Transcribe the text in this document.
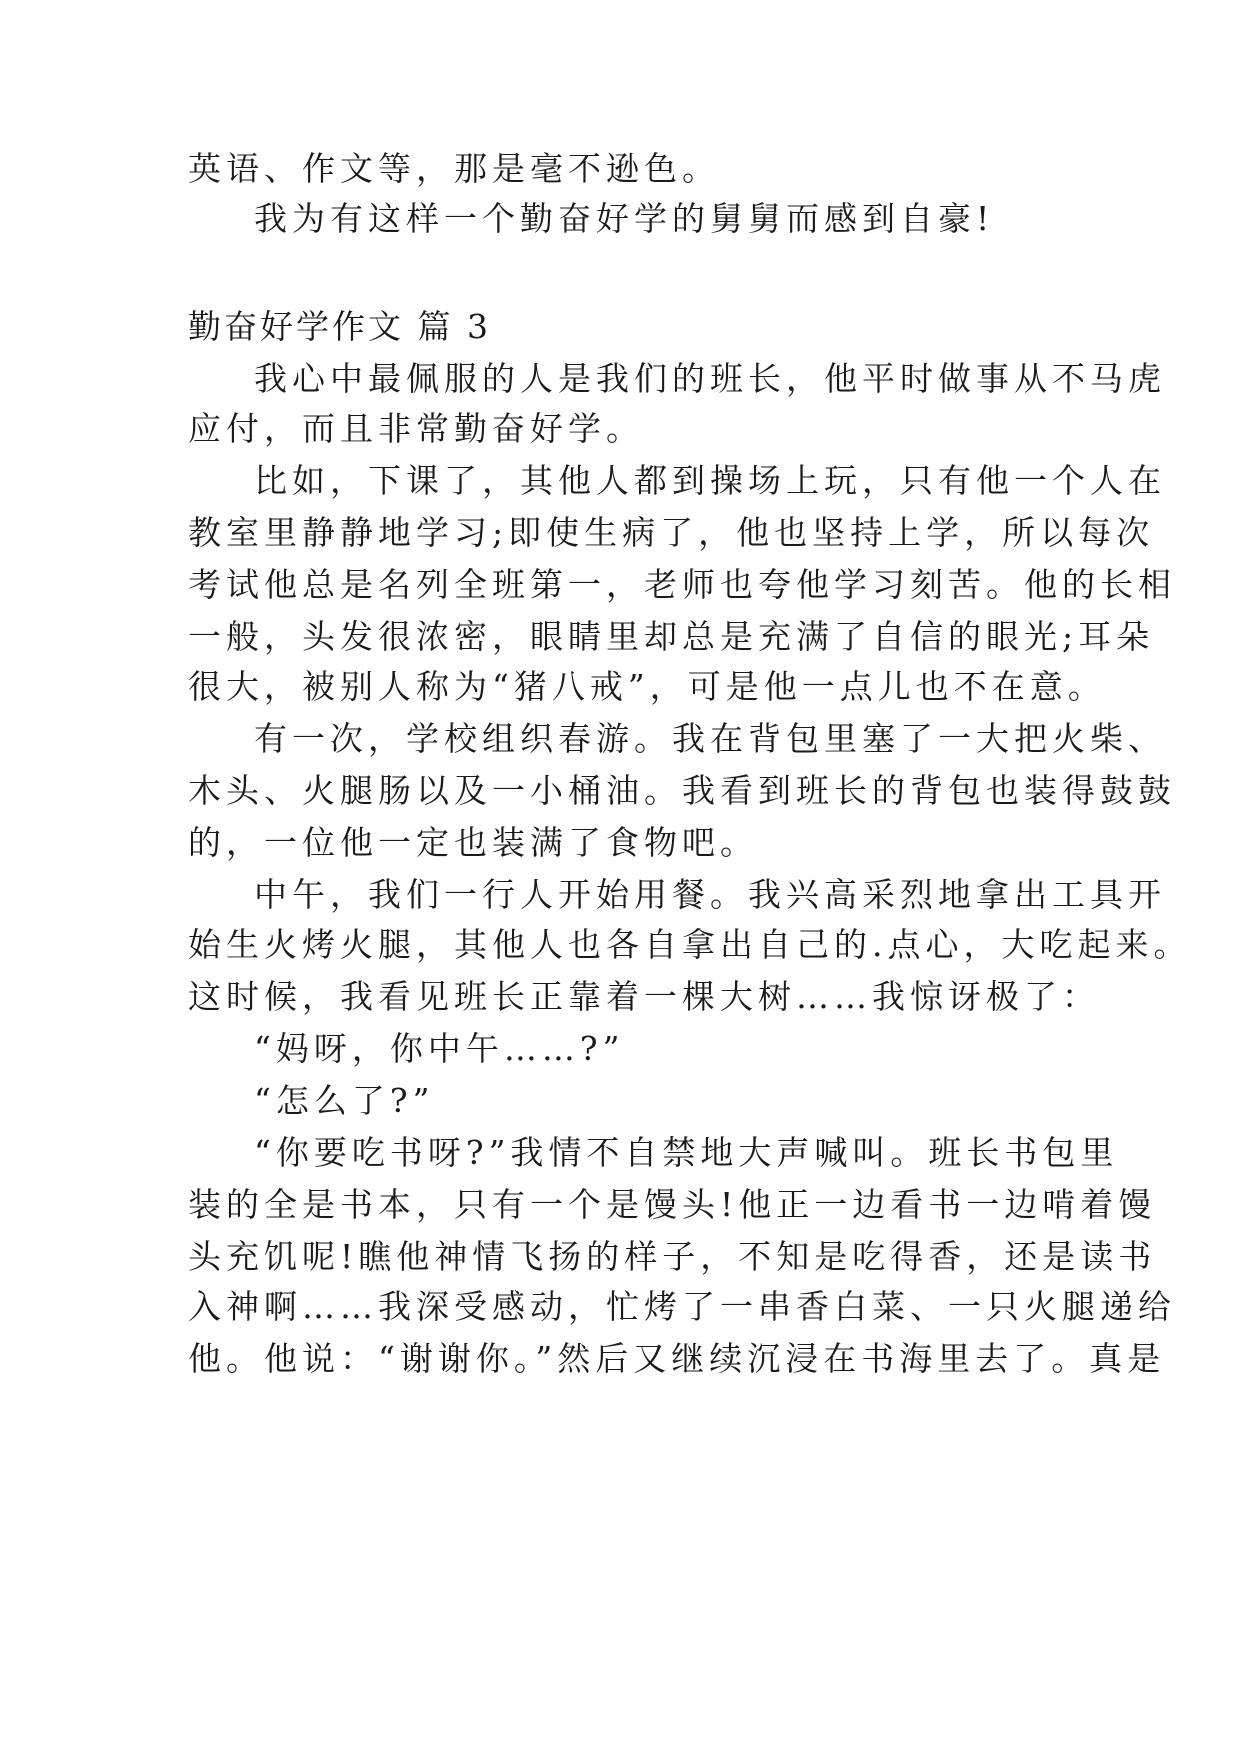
英语、作文等，那是毫不逊色。
我为有这样一个勤奋好学的舅舅而感到自豪!
勤奋好学作文 篇 3
我心中最佩服的人是我们的班长，他平时做事从不马虎
应付，而且非常勤奋好学。
比如，下课了，其他人都到操场上玩，只有他一个人在
教室里静静地学习;即使生病了，他也坚持上学，所以每次
考试他总是名列全班第一，老师也夸他学习刻苦。他的长相
一般，头发很浓密，眼睛里却总是充满了自信的眼光;耳朵
很大，被别人称为“猪八戒”，可是他一点儿也不在意。
有一次，学校组织春游。我在背包里塞了一大把火柴、
木头、火腿肠以及一小桶油。我看到班长的背包也装得鼓鼓
的，一位他一定也装满了食物吧。
中午，我们一行人开始用餐。我兴高采烈地拿出工具开
始生火烤火腿，其他人也各自拿出自己的.点心，大吃起来。
这时候，我看见班长正靠着一棵大树……我惊讶极了：
“妈呀，你中午……?”
“怎么了?”
“你要吃书呀?”我情不自禁地大声喊叫。班长书包里
装的全是书本，只有一个是馒头!他正一边看书一边啃着馒
头充饥呢!瞧他神情飞扬的样子，不知是吃得香，还是读书
入神啊……我深受感动，忙烤了一串香白菜、一只火腿递给
他。他说：“谢谢你。”然后又继续沉浸在书海里去了。真是
